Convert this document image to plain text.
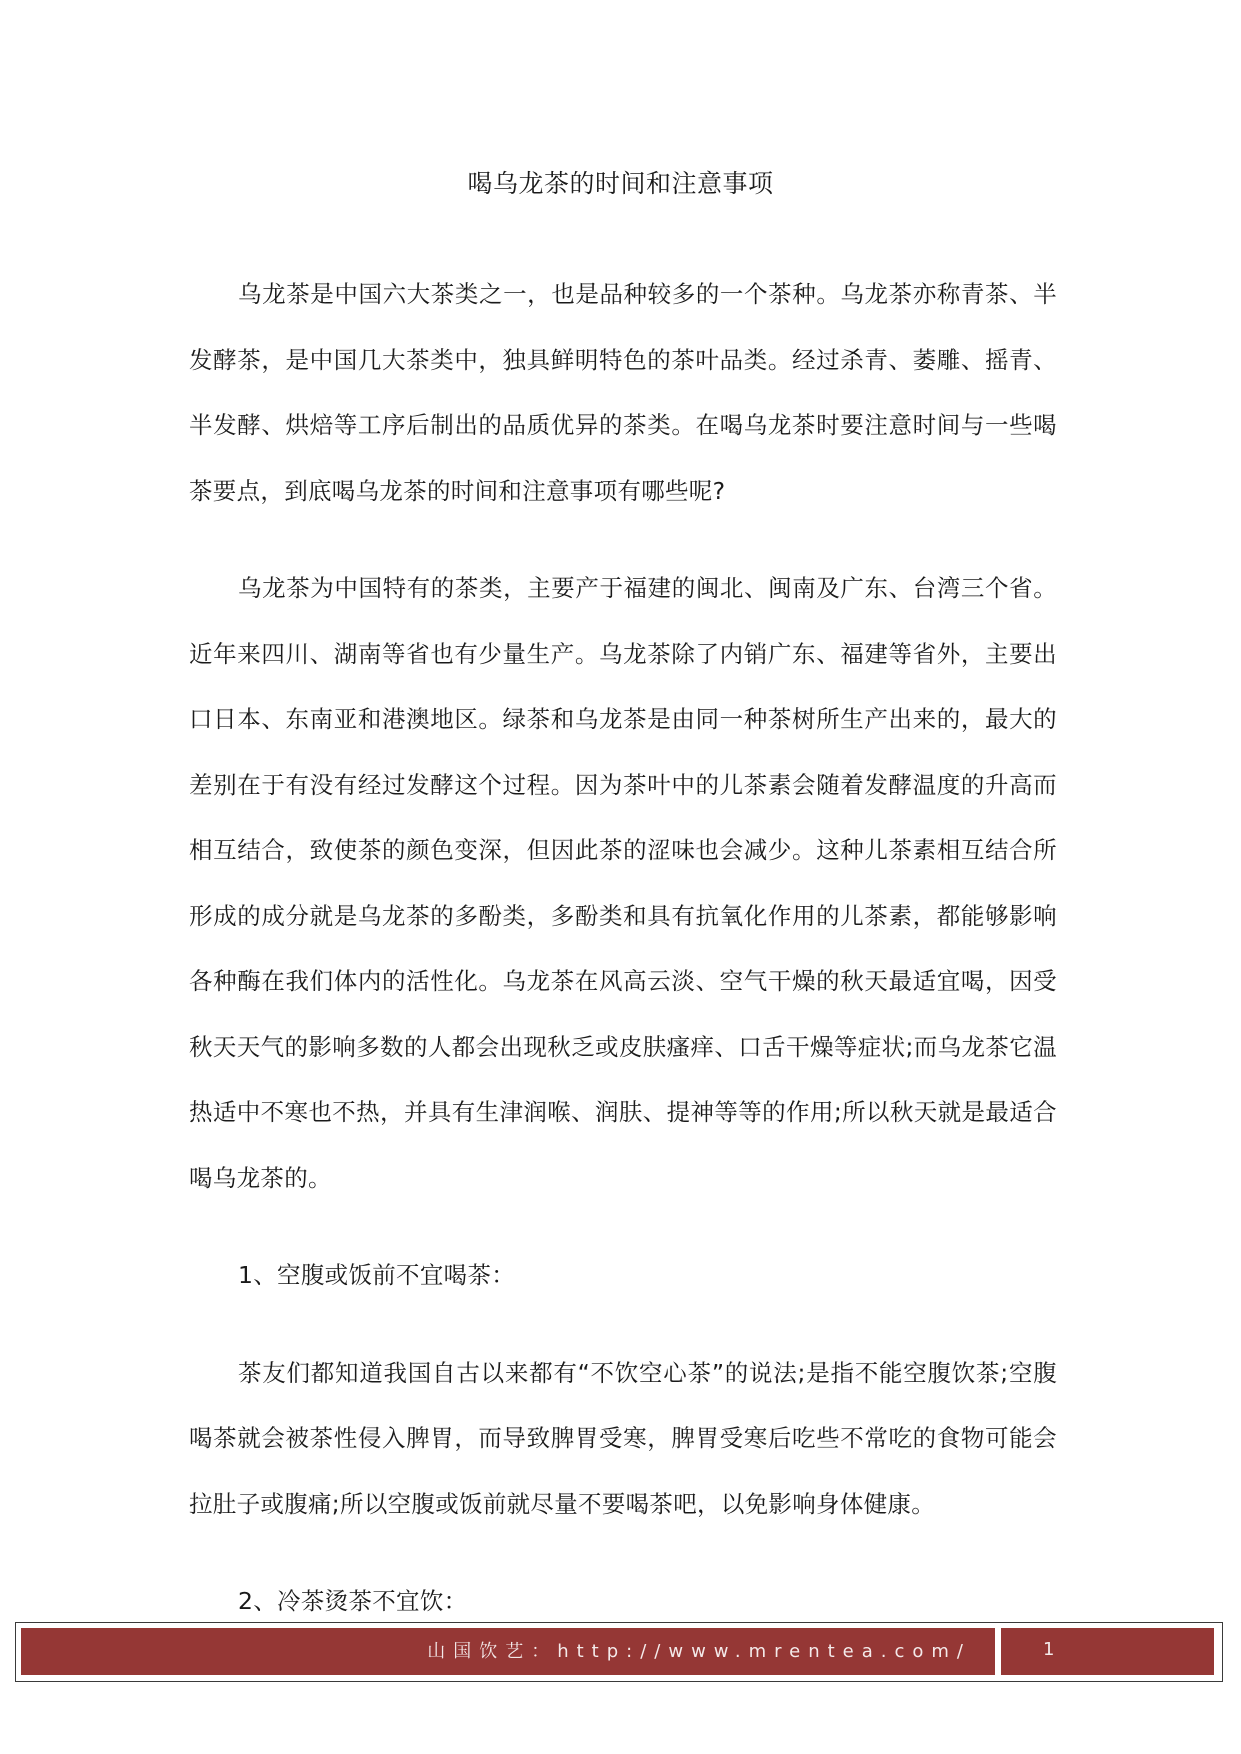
喝乌龙茶的时间和注意事项

乌龙茶是中国六大茶类之一，也是品种较多的一个茶种。乌龙茶亦称青茶、半发酵茶，是中国几大茶类中，独具鲜明特色的茶叶品类。经过杀青、萎雕、摇青、半发酵、烘焙等工序后制出的品质优异的茶类。在喝乌龙茶时要注意时间与一些喝茶要点，到底喝乌龙茶的时间和注意事项有哪些呢?

乌龙茶为中国特有的茶类，主要产于福建的闽北、闽南及广东、台湾三个省。近年来四川、湖南等省也有少量生产。乌龙茶除了内销广东、福建等省外，主要出口日本、东南亚和港澳地区。绿茶和乌龙茶是由同一种茶树所生产出来的，最大的差别在于有没有经过发酵这个过程。因为茶叶中的儿茶素会随着发酵温度的升高而相互结合，致使茶的颜色变深，但因此茶的涩味也会减少。这种儿茶素相互结合所形成的成分就是乌龙茶的多酚类，多酚类和具有抗氧化作用的儿茶素，都能够影响各种酶在我们体内的活性化。乌龙茶在风高云淡、空气干燥的秋天最适宜喝，因受秋天天气的影响多数的人都会出现秋乏或皮肤瘙痒、口舌干燥等症状;而乌龙茶它温热适中不寒也不热，并具有生津润喉、润肤、提神等等的作用;所以秋天就是最适合喝乌龙茶的。

1、空腹或饭前不宜喝茶：

茶友们都知道我国自古以来都有“不饮空心茶”的说法;是指不能空腹饮茶;空腹喝茶就会被茶性侵入脾胃，而导致脾胃受寒，脾胃受寒后吃些不常吃的食物可能会拉肚子或腹痛;所以空腹或饭前就尽量不要喝茶吧，以免影响身体健康。

2、冷茶烫茶不宜饮：

山国饮艺：http://www.mrentea.com/	1
